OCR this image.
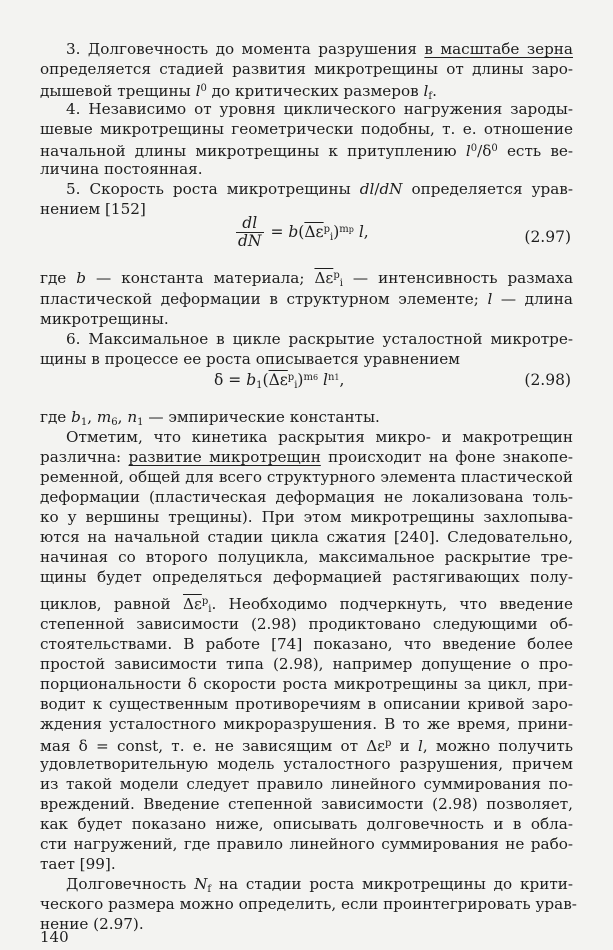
3. Долговечность до момента разрушения в масштабе зерна
определяется стадией развития микротрещины от длины заро-
дышевой трещины $l^0$ до критических размеров $l_f$.
4. Независимо от уровня циклического нагружения зароды-
шевые микротрещины геометрически подобны, т. е. отношение
начальной длины микротрещины к притуплению $l^0/\delta^0$ есть ве-
личина постоянная.
5. Скорость роста микротрещины dl/dN определяется урав-
нением [152]
$\frac{dl}{dN} = b(\overline{\Delta\varepsilon}^p_i)^{mp}$ l,	(2.97)
где b — константа материала; $\overline{\Delta\varepsilon}^p_i$ — интенсивность размаха
пластической деформации в структурном элементе; l — длина
микротрещины.
6. Максимальное в цикле раскрытие усталостной микротре-
щины в процессе ее роста описывается уравнением
$\delta = b_1(\overline{\Delta\varepsilon}^p_i)^{m6}$ $l^{n1}$,	(2.98)
где $b_1$, $m_6$, $n_1$ — эмпирические константы.
Отметим, что кинетика раскрытия микро- и макротрещин
различна: развитие микротрещин происходит на фоне знакопе-
ременной, общей для всего структурного элемента пластической
деформации (пластическая деформация не локализована толь-
ко у вершины трещины). При этом микротрещины захлопыва-
ются на начальной стадии цикла сжатия [240]. Следовательно,
начиная со второго полуцикла, максимальное раскрытие тре-
щины будет определяться деформацией растягивающих полу-
циклов, равной $\overline{\Delta\varepsilon}^p_i$. Необходимо подчеркнуть, что введение
степенной зависимости (2.98) продиктовано следующими об-
стоятельствами. В работе [74] показано, что введение более
простой зависимости типа (2.98), например допущение о про-
порциональности δ скорости роста микротрещины за цикл, при-
водит к существенным противоречиям в описании кривой заро-
ждения усталостного микроразрушения. В то же время, прини-
мая δ = const, т. е. не зависящим от $\Delta\varepsilon^p$ и l, можно получить
удовлетворительную модель усталостного разрушения, причем
из такой модели следует правило линейного суммирования по-
вреждений. Введение степенной зависимости (2.98) позволяет,
как будет показано ниже, описывать долговечность и в обла-
сти нагружений, где правило линейного суммирования не рабо-
тает [99].
Долговечность $N_f$ на стадии роста микротрещины до крити-
ческого размера можно определить, если проинтегрировать урав-
нение (2.97).
140
